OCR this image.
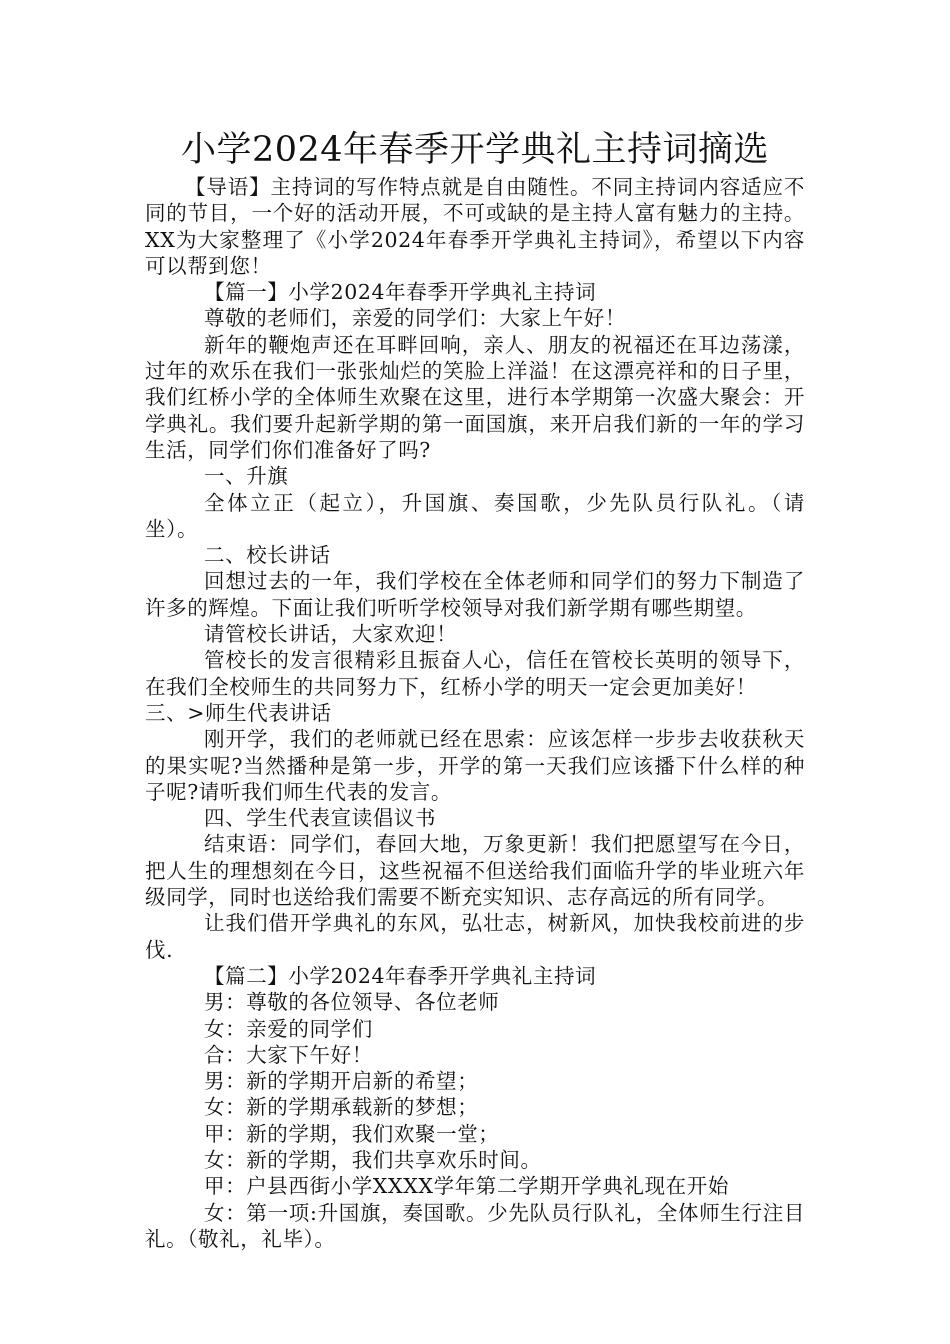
小学2024年春季开学典礼主持词摘选

【导语】主持词的写作特点就是自由随性。不同主持词内容适应不同的节目，一个好的活动开展，不可或缺的是主持人富有魅力的主持。XX为大家整理了《小学2024年春季开学典礼主持词》，希望以下内容可以帮到您！

【篇一】小学2024年春季开学典礼主持词

尊敬的老师们，亲爱的同学们：大家上午好！

新年的鞭炮声还在耳畔回响，亲人、朋友的祝福还在耳边荡漾，过年的欢乐在我们一张张灿烂的笑脸上洋溢！在这漂亮祥和的日子里，我们红桥小学的全体师生欢聚在这里，进行本学期第一次盛大聚会：开学典礼。我们要升起新学期的第一面国旗，来开启我们新的一年的学习生活，同学们你们准备好了吗?

一、升旗

全体立正（起立），升国旗、奏国歌，少先队员行队礼。（请坐）。

二、校长讲话

回想过去的一年，我们学校在全体老师和同学们的努力下制造了许多的辉煌。下面让我们听听学校领导对我们新学期有哪些期望。

请管校长讲话，大家欢迎！

管校长的发言很精彩且振奋人心，信任在管校长英明的领导下，在我们全校师生的共同努力下，红桥小学的明天一定会更加美好！

三、>师生代表讲话

刚开学，我们的老师就已经在思索：应该怎样一步步去收获秋天的果实呢?当然播种是第一步，开学的第一天我们应该播下什么样的种子呢?请听我们师生代表的发言。

四、学生代表宣读倡议书

结束语：同学们，春回大地，万象更新！我们把愿望写在今日，把人生的理想刻在今日，这些祝福不但送给我们面临升学的毕业班六年级同学，同时也送给我们需要不断充实知识、志存高远的所有同学。

让我们借开学典礼的东风，弘壮志，树新风，加快我校前进的步伐.

【篇二】小学2024年春季开学典礼主持词

男：尊敬的各位领导、各位老师

女：亲爱的同学们

合：大家下午好！

男：新的学期开启新的希望；

女：新的学期承载新的梦想；

甲：新的学期，我们欢聚一堂；

女：新的学期，我们共享欢乐时间。

甲：户县西街小学XXXX学年第二学期开学典礼现在开始

女：第一项:升国旗，奏国歌。少先队员行队礼，全体师生行注目礼。（敬礼，礼毕）。
